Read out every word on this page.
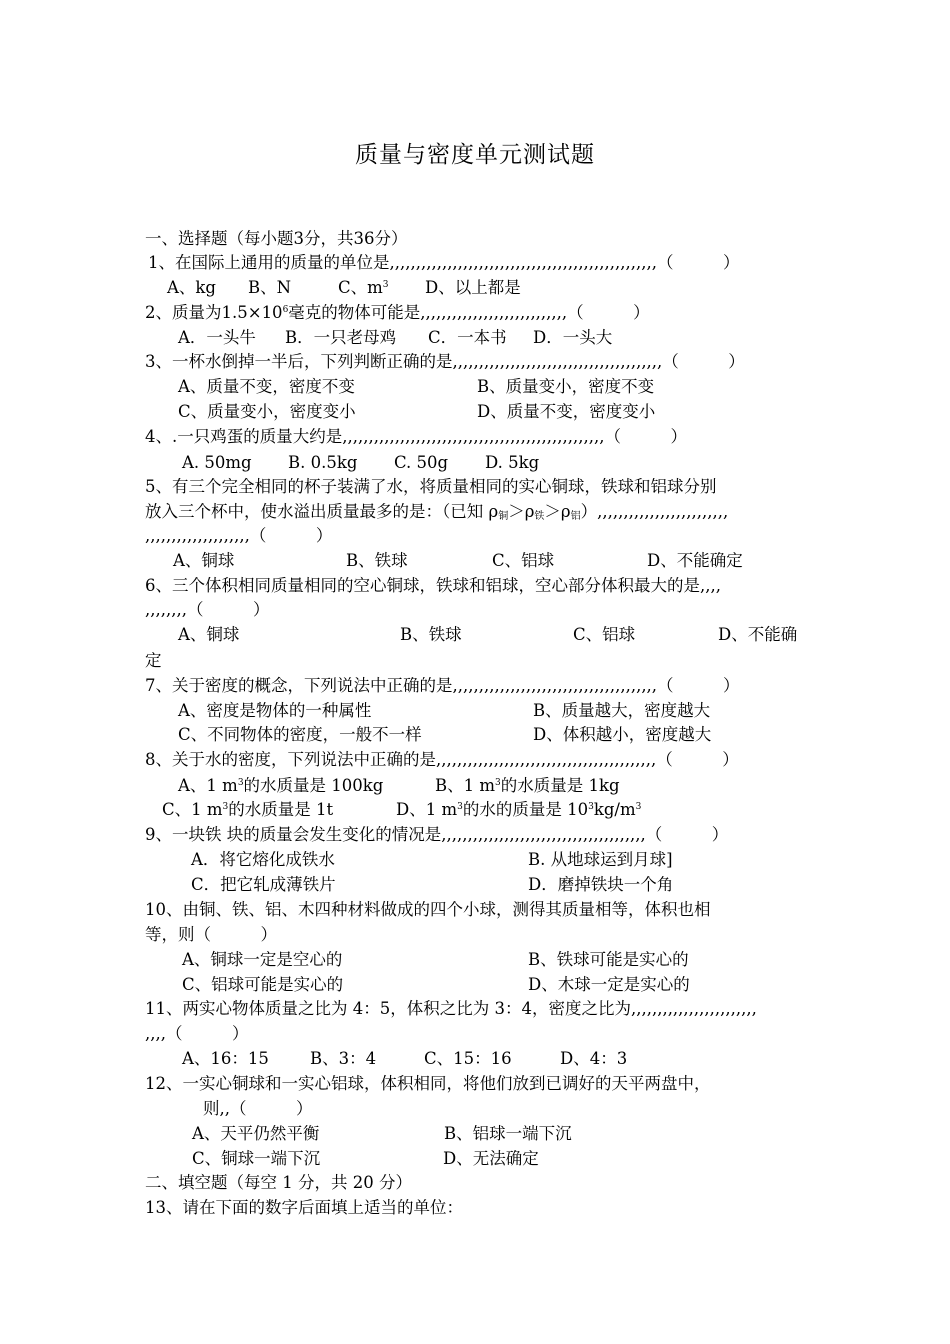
质量与密度单元测试题
一、选择题（每小题3分，共36分）
1、在国际上通用的质量的单位是,,,,,,,,,,,,,,,,,,,,,,,,,,,,,,,,,,,,,,,,,,,,,,,,,,,（　　　）
A、kg B、N	C、$m^3$ D、以上都是
2、质量为$1.5\times 10^6$毫克的物体可能是,,,,,,,,,,,,,,,,,,,,,,,,,,,,（　　　）
A．一头牛 B．一只老母鸡 C．一本书 D．一头大
3、一杯水倒掉一半后，下列判断正确的是,,,,,,,,,,,,,,,,,,,,,,,,,,,,,,,,,,,,,,,,（　　　）
A、质量不变，密度不变	B、质量变小，密度不变
C、质量变小，密度变小	D、质量不变，密度变小
4、.一只鸡蛋的质量大约是,,,,,,,,,,,,,,,,,,,,,,,,,,,,,,,,,,,,,,,,,,,,,,,,,,（　　　）
A. 50mg B. 0.5kg C. 50g D. 5kg
5、有三个完全相同的杯子装满了水，将质量相同的实心铜球，铁球和铝球分别
放入三个杯中，使水溢出质量最多的是：（已知 $\rho_铜>\rho_铁>\rho_铝$）,,,,,,,,,,,,,,,,,,,,,,,,,
,,,,,,,,,,,,,,,,,,,,（　　　）
A、铜球	B、铁球	C、铝球	D、不能确定
6、三个体积相同质量相同的空心铜球，铁球和铝球，空心部分体积最大的是,,,,
,,,,,,,,（　　　）
A、铜球	B、铁球	C、铝球	D、不能确
定
7、关于密度的概念，下列说法中正确的是,,,,,,,,,,,,,,,,,,,,,,,,,,,,,,,,,,,,,,,（　　　）
A、密度是物体的一种属性	B、质量越大，密度越大
C、不同物体的密度，一般不一样	D、体积越小，密度越大
8、关于水的密度，下列说法中正确的是,,,,,,,,,,,,,,,,,,,,,,,,,,,,,,,,,,,,,,,,,,（　　　）
A、1 $m^3$的水质量是 100kg	B、1 $m^3$的水质量是 1kg
C、1 $m^3$的水质量是 1t	D、1 $m^3$的水的质量是 $10^3kg/m^3$
9、一块铁 块的质量会发生变化的情况是,,,,,,,,,,,,,,,,,,,,,,,,,,,,,,,,,,,,,,,（　　　）
A．将它熔化成铁水	B. 从地球运到月球]
C．把它轧成薄铁片	D．磨掉铁块一个角
10、由铜、铁、铝、木四种材料做成的四个小球，测得其质量相等，体积也相
等，则（　　　）
A、铜球一定是空心的	B、铁球可能是实心的
C、铝球可能是实心的	D、木球一定是实心的
11、两实心物体质量之比为 4：5，体积之比为 3：4，密度之比为,,,,,,,,,,,,,,,,,,,,,,,,
,,,,（　　　）
A、16：15 B、3：4	C、15：16	D、4：3
12、一实心铜球和一实心铝球，体积相同，将他们放到已调好的天平两盘中，
则,,（　　　）
A、天平仍然平衡	B、铝球一端下沉
C、铜球一端下沉	D、无法确定
二、填空题（每空 1 分，共 20 分）
13、请在下面的数字后面填上适当的单位：
